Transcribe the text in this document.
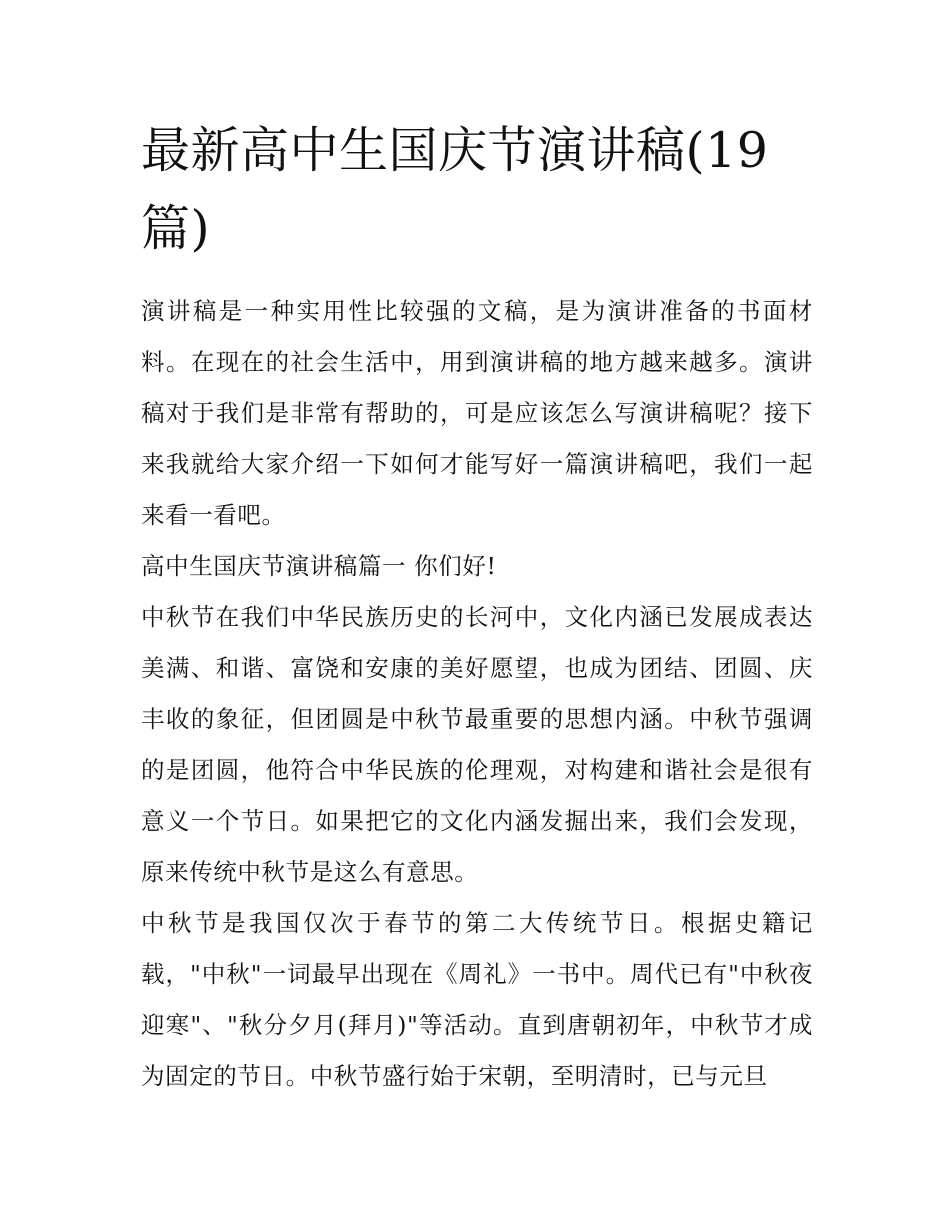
最新高中生国庆节演讲稿(19篇)

演讲稿是一种实用性比较强的文稿，是为演讲准备的书面材料。在现在的社会生活中，用到演讲稿的地方越来越多。演讲稿对于我们是非常有帮助的，可是应该怎么写演讲稿呢？接下来我就给大家介绍一下如何才能写好一篇演讲稿吧，我们一起来看一看吧。

高中生国庆节演讲稿篇一 你们好!

中秋节在我们中华民族历史的长河中，文化内涵已发展成表达美满、和谐、富饶和安康的美好愿望，也成为团结、团圆、庆丰收的象征，但团圆是中秋节最重要的思想内涵。中秋节强调的是团圆，他符合中华民族的伦理观，对构建和谐社会是很有意义一个节日。如果把它的文化内涵发掘出来，我们会发现，原来传统中秋节是这么有意思。

中秋节是我国仅次于春节的第二大传统节日。根据史籍记载，"中秋"一词最早出现在《周礼》一书中。周代已有"中秋夜迎寒"、"秋分夕月(拜月)"等活动。直到唐朝初年，中秋节才成为固定的节日。中秋节盛行始于宋朝，至明清时，已与元旦
